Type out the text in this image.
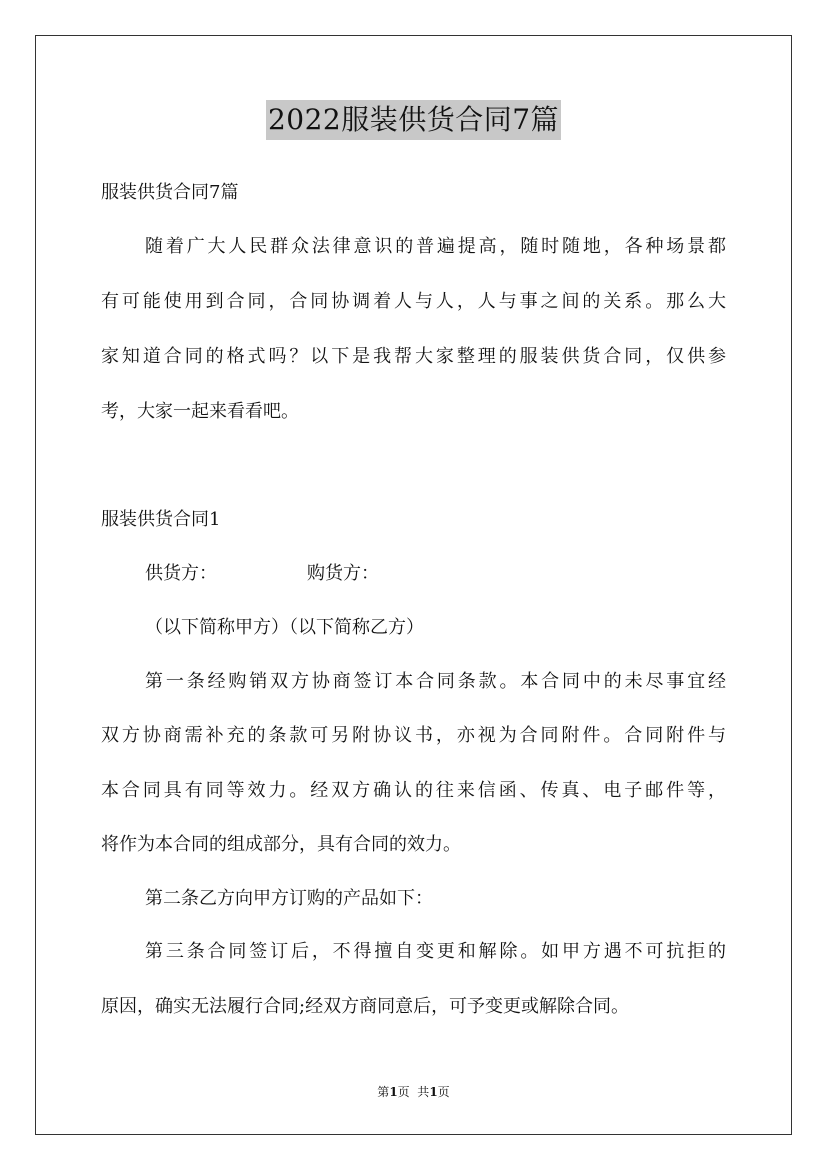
2022服装供货合同7篇
服装供货合同7篇
随着广大人民群众法律意识的普遍提高，随时随地，各种场景都
有可能使用到合同，合同协调着人与人，人与事之间的关系。那么大
家知道合同的格式吗？以下是我帮大家整理的服装供货合同，仅供参
考，大家一起来看看吧。
服装供货合同1
供货方：	购货方：
（以下简称甲方）（以下简称乙方）
第一条经购销双方协商签订本合同条款。本合同中的未尽事宜经
双方协商需补充的条款可另附协议书，亦视为合同附件。合同附件与
本合同具有同等效力。经双方确认的往来信函、传真、电子邮件等，
将作为本合同的组成部分，具有合同的效力。
第二条乙方向甲方订购的产品如下：
第三条合同签订后，不得擅自变更和解除。如甲方遇不可抗拒的
原因，确实无法履行合同;经双方商同意后，可予变更或解除合同。
第1页  共1页
